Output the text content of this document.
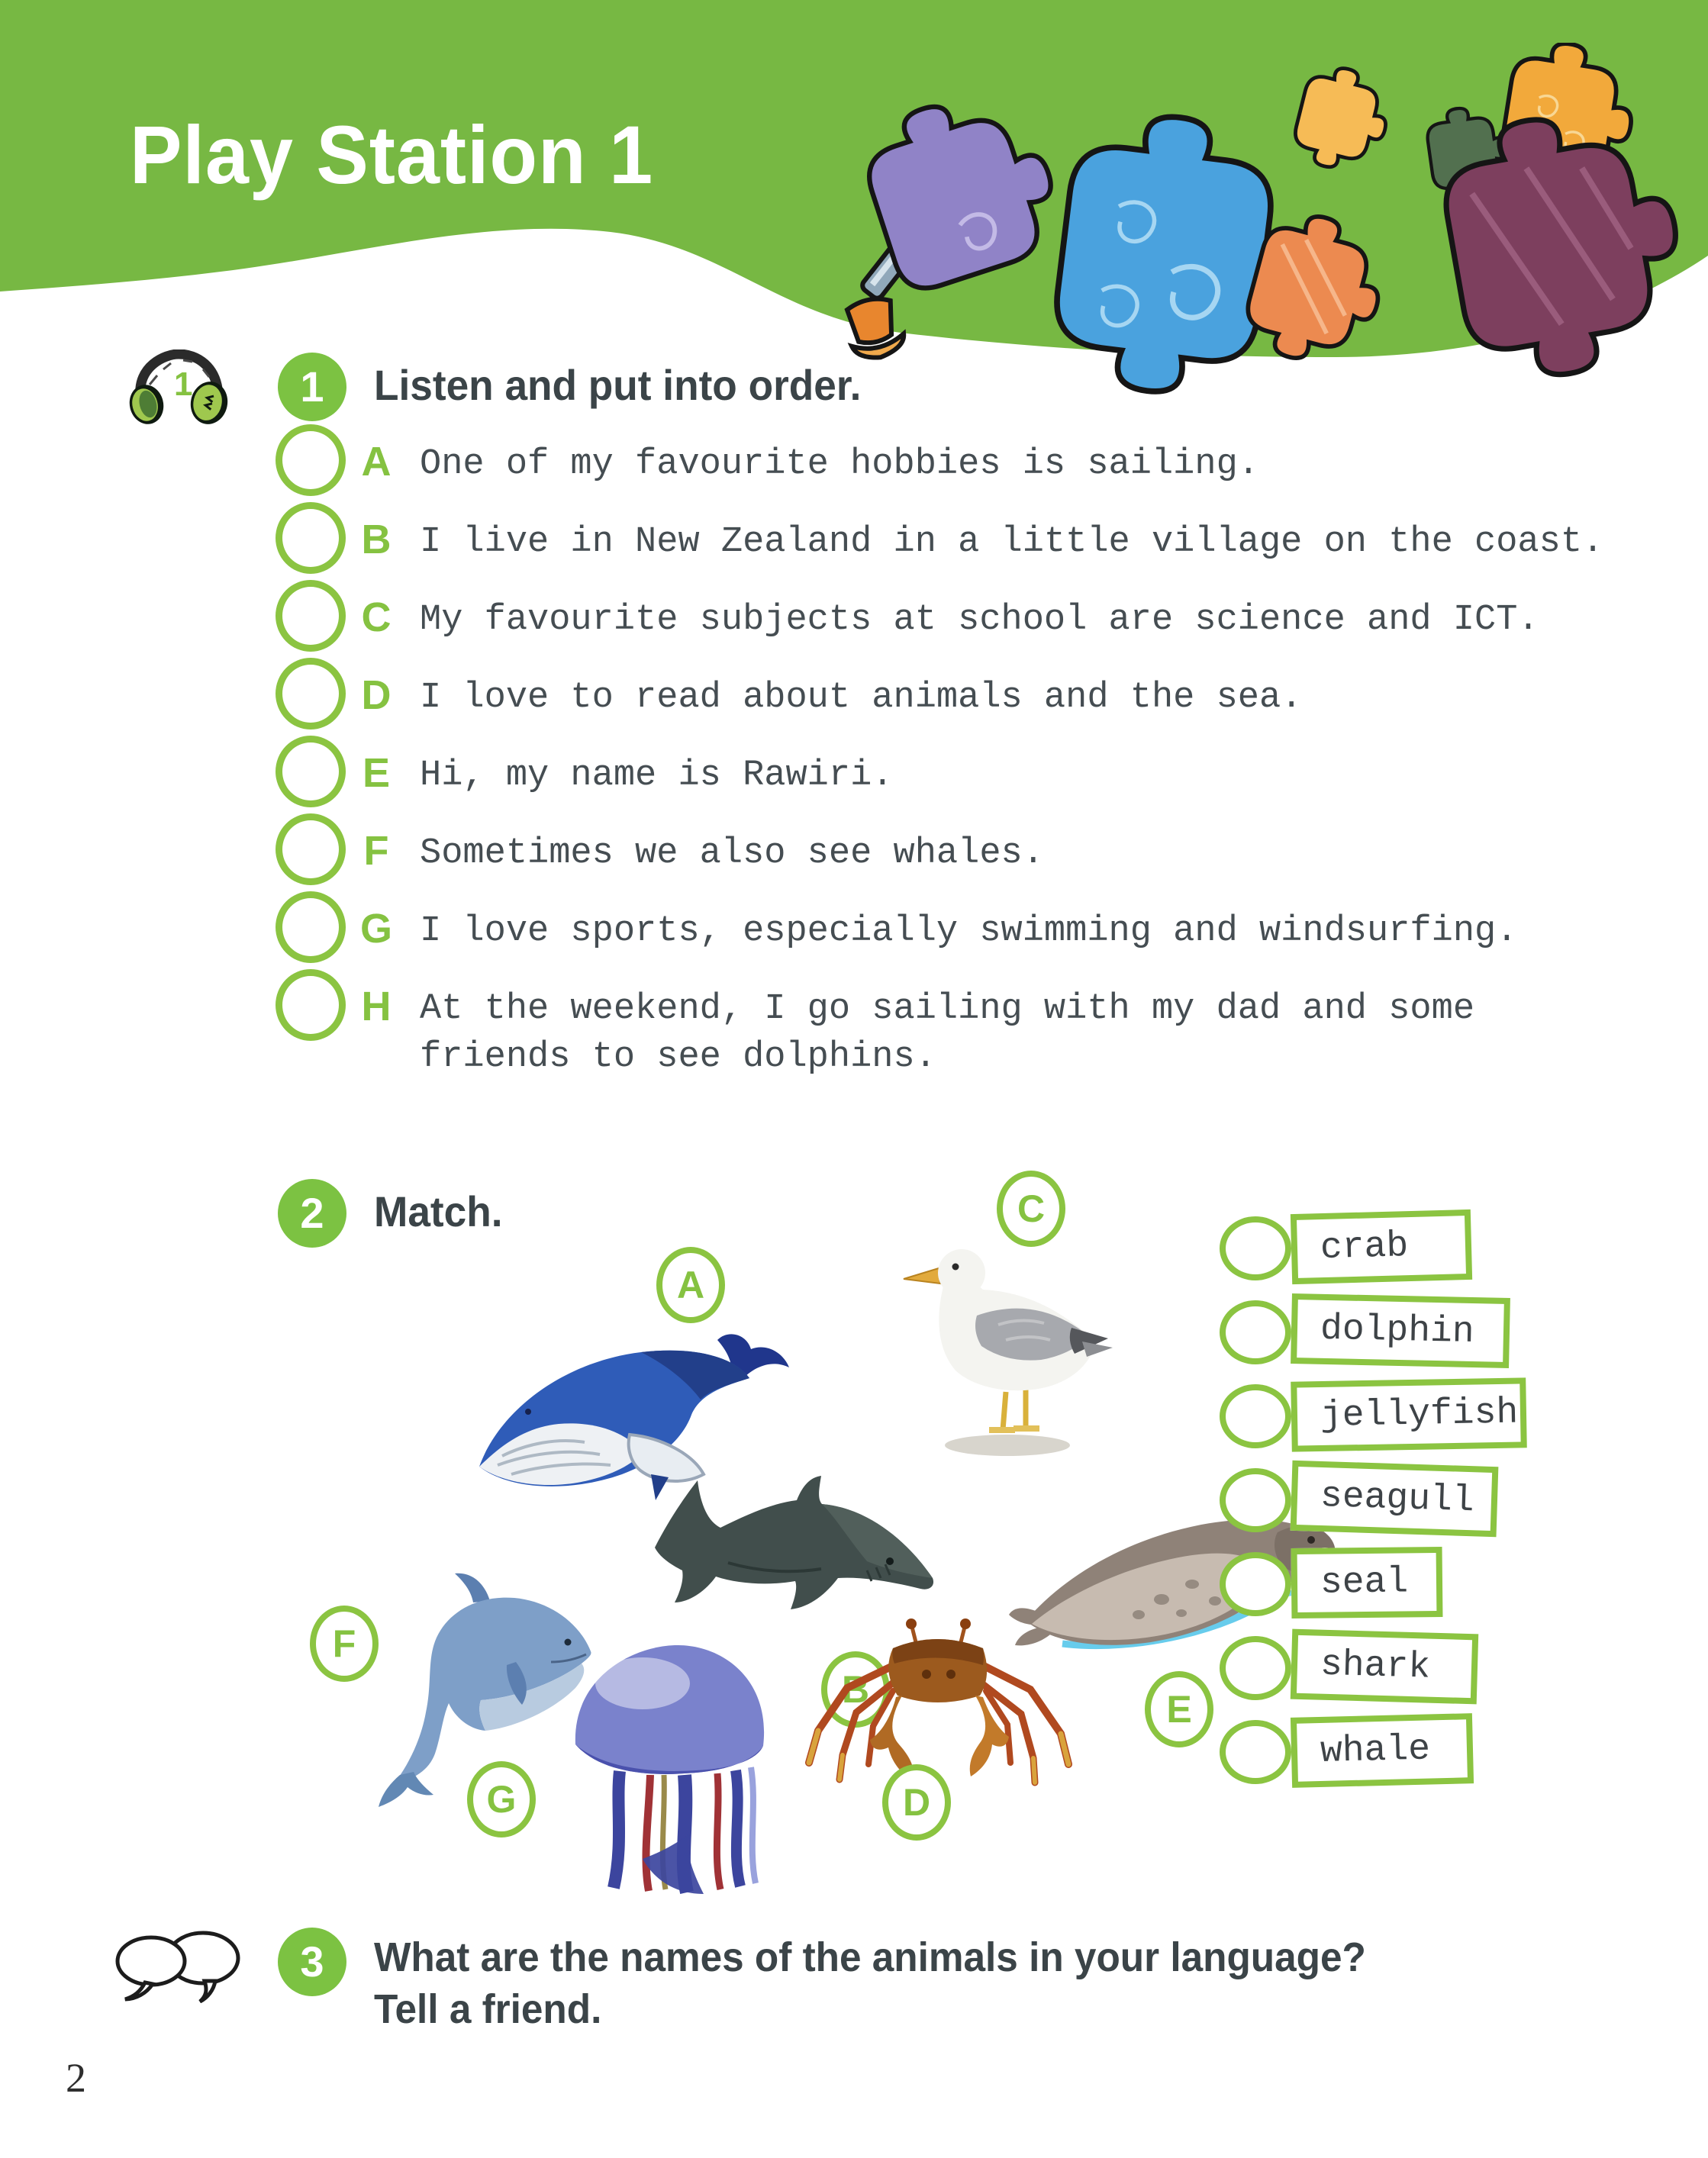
Play Station 1
1	1	Listen and put into order.
A One of my favourite hobbies is sailing.
B I live in New Zealand in a little village on the coast.
C My favourite subjects at school are science and ICT.
D I love to read about animals and the sea.
E Hi, my name is Rawiri.
F Sometimes we also see whales.
G I love sports, especially swimming and windsurfing.
H At the weekend, I go sailing with my dad and some friends to see dolphins.
2	Match.
A
C
B	E
F
G	D
crab
dolphin
jellyfish
seagull
seal
shark
whale
3	What are the names of the animals in your language?
Tell a friend.
2
